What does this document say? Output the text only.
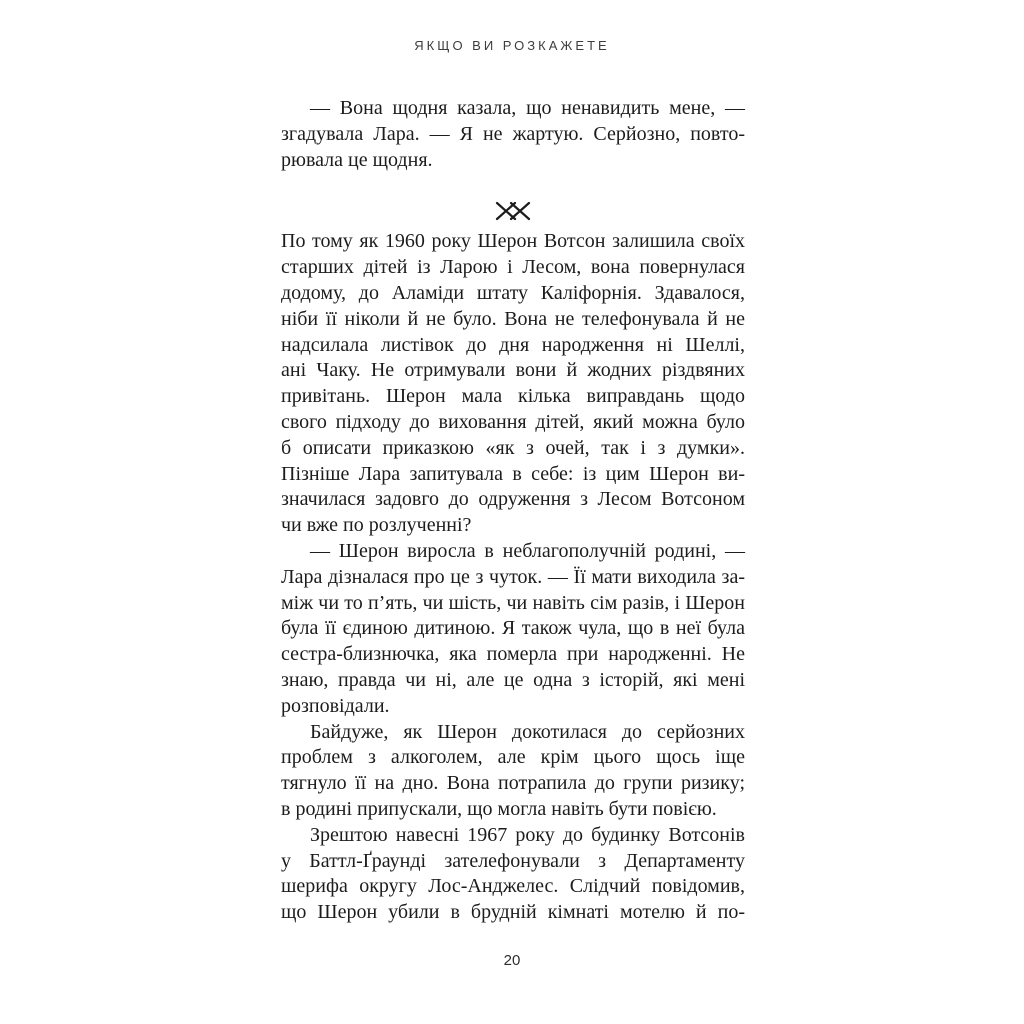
ЯКЩО ВИ РОЗКАЖЕТЕ
— Вона щодня казала, що ненавидить мене, —
згадувала Лара. — Я не жартую. Серйозно, повто-
рювала це щодня.
По тому як 1960 року Шерон Вотсон залишила своїх
старших дітей із Ларою і Лесом, вона повернулася
додому, до Аламіди штату Каліфорнія. Здавалося,
ніби її ніколи й не було. Вона не телефонувала й не
надсилала листівок до дня народження ні Шеллі,
ані Чаку. Не отримували вони й жодних різдвяних
привітань. Шерон мала кілька виправдань щодо
свого підходу до виховання дітей, який можна було
б описати приказкою «як з очей, так і з думки».
Пізніше Лара запитувала в себе: із цим Шерон ви-
значилася задовго до одруження з Лесом Вотсоном
чи вже по розлученні?
— Шерон виросла в неблагополучній родині, —
Лара дізналася про це з чуток. — Її мати виходила за-
між чи то п’ять, чи шість, чи навіть сім разів, і Шерон
була її єдиною дитиною. Я також чула, що в неї була
сестра-близнючка, яка померла при народженні. Не
знаю, правда чи ні, але це одна з історій, які мені
розповідали.
Байдуже, як Шерон докотилася до серйозних
проблем з алкоголем, але крім цього щось іще
тягнуло її на дно. Вона потрапила до групи ризику;
в родині припускали, що могла навіть бути повією.
Зрештою навесні 1967 року до будинку Вотсонів
у Баттл-Ґраунді зателефонували з Департаменту
шерифа округу Лос-Анджелес. Слідчий повідомив,
що Шерон убили в брудній кімнаті мотелю й по-
20
